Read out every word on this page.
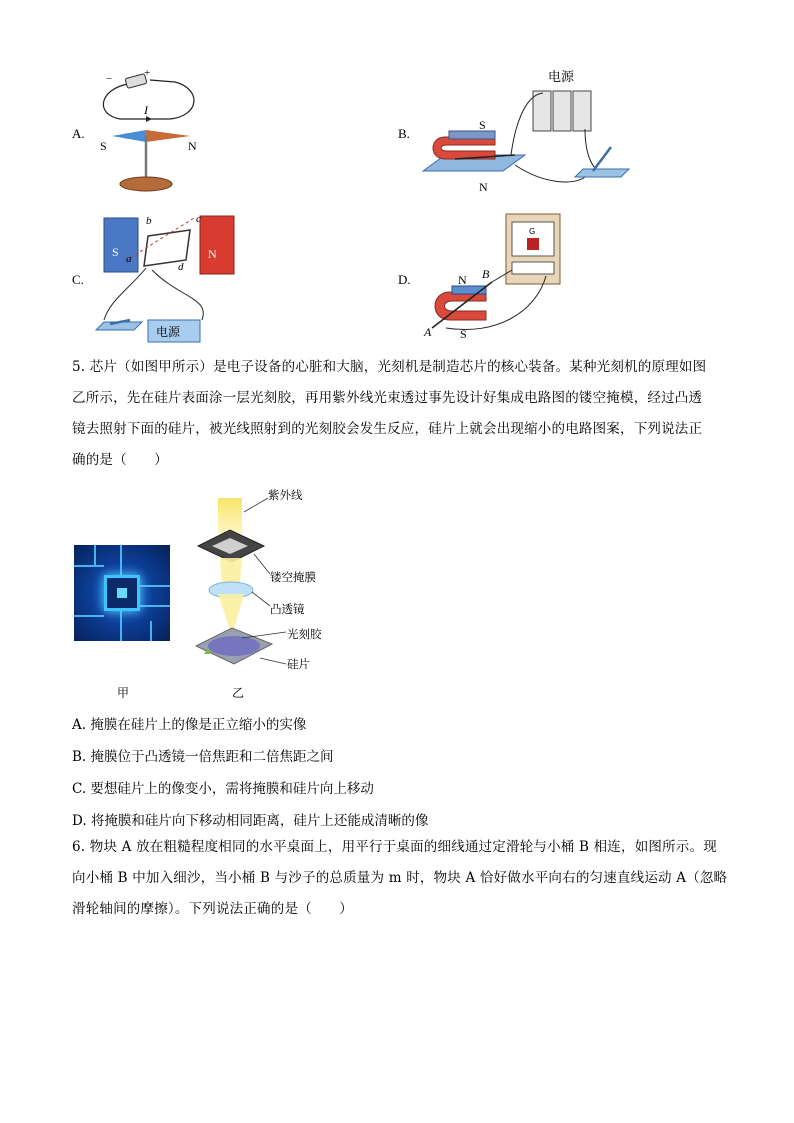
A.
−	+
I
S	N
B.
电源
S
N
C.
S	N
b	c
a
d
电源
D.
G
N
S
A
B
5. 芯片（如图甲所示）是电子设备的心脏和大脑，光刻机是制造芯片的核心装备。某种光刻机的原理如图
乙所示，先在硅片表面涂一层光刻胶，再用紫外线光束透过事先设计好集成电路图的镂空掩模，经过凸透
镜去照射下面的硅片，被光线照射到的光刻胶会发生反应，硅片上就会出现缩小的电路图案，下列说法正
确的是（　　）
甲
紫外线
镂空掩膜
凸透镜
光刻胶
硅片
乙
A. 掩膜在硅片上的像是正立缩小的实像
B. 掩膜位于凸透镜一倍焦距和二倍焦距之间
C. 要想硅片上的像变小，需将掩膜和硅片向上移动
D. 将掩膜和硅片向下移动相同距离，硅片上还能成清晰的像
6. 物块 A 放在粗糙程度相同的水平桌面上，用平行于桌面的细线通过定滑轮与小桶 B 相连，如图所示。现
向小桶 B 中加入细沙，当小桶 B 与沙子的总质量为 m 时，物块 A 恰好做水平向右的匀速直线运动 A（忽略
滑轮轴间的摩擦）。下列说法正确的是（　　）
